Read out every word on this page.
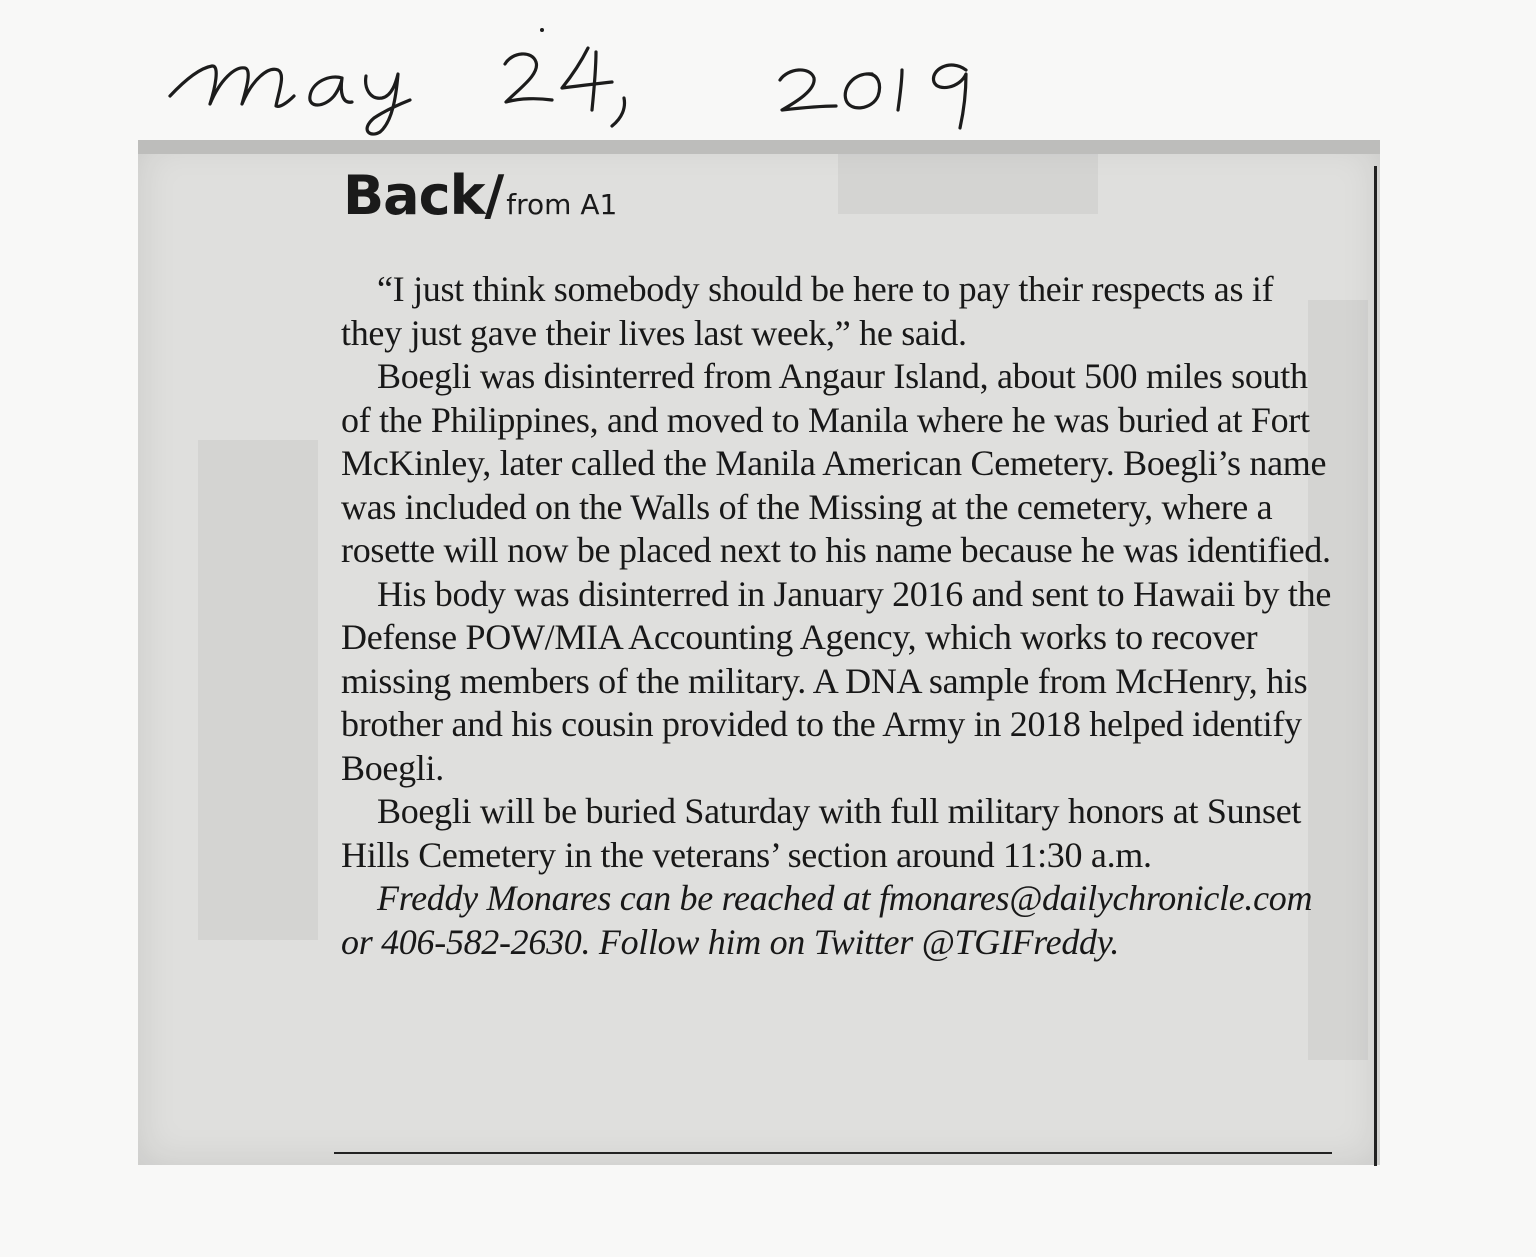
Back/from A1

“I just think somebody should be here to pay their respects as if they just gave their lives last week,” he said.

Boegli was disinterred from Angaur Island, about 500 miles south of the Philippines, and moved to Manila where he was buried at Fort McKinley, later called the Manila American Cemetery. Boegli’s name was included on the Walls of the Missing at the cemetery, where a rosette will now be placed next to his name because he was identified.

His body was disinterred in January 2016 and sent to Hawaii by the Defense POW/MIA Accounting Agency, which works to recover missing members of the military. A DNA sample from McHenry, his brother and his cousin provided to the Army in 2018 helped identify Boegli.

Boegli will be buried Saturday with full military honors at Sunset Hills Cemetery in the veterans’ section around 11:30 a.m.

Freddy Monares can be reached at fmonares@dailychronicle.com or 406-582-2630. Follow him on Twitter @TGIFreddy.
